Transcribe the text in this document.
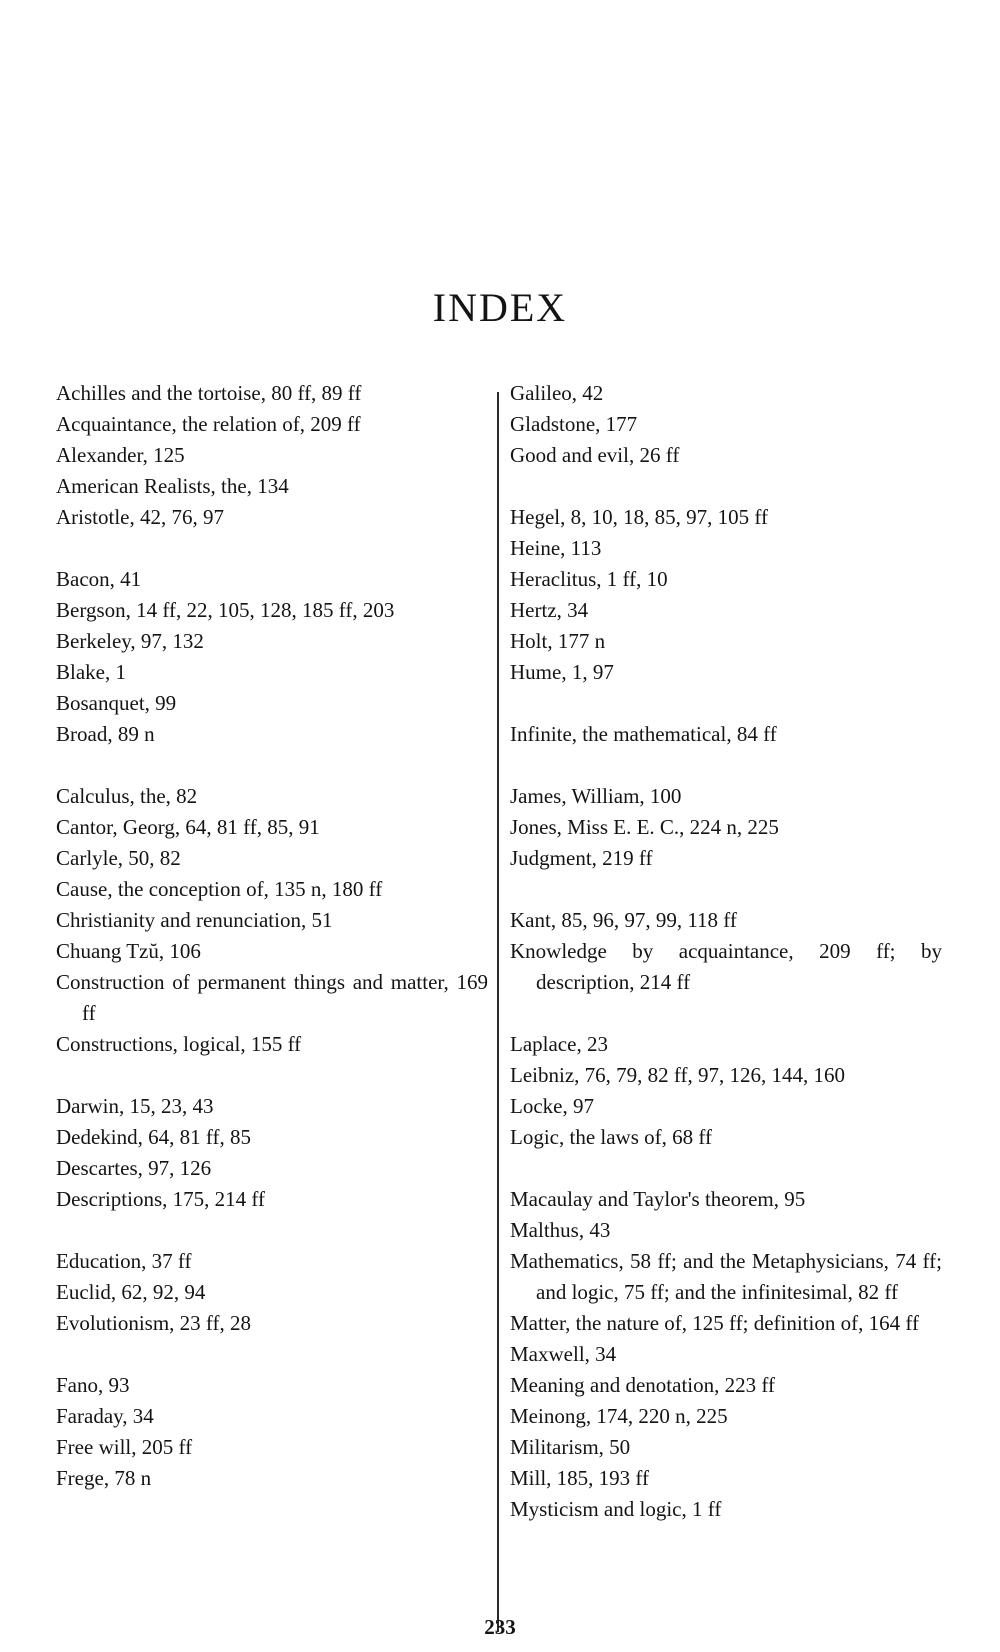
INDEX
Achilles and the tortoise, 80 ff, 89 ff
Acquaintance, the relation of, 209 ff
Alexander, 125
American Realists, the, 134
Aristotle, 42, 76, 97
Bacon, 41
Bergson, 14 ff, 22, 105, 128, 185 ff, 203
Berkeley, 97, 132
Blake, 1
Bosanquet, 99
Broad, 89 n
Calculus, the, 82
Cantor, Georg, 64, 81 ff, 85, 91
Carlyle, 50, 82
Cause, the conception of, 135 n, 180 ff
Christianity and renunciation, 51
Chuang Tzŭ, 106
Construction of permanent things and matter, 169 ff
Constructions, logical, 155 ff
Darwin, 15, 23, 43
Dedekind, 64, 81 ff, 85
Descartes, 97, 126
Descriptions, 175, 214 ff
Education, 37 ff
Euclid, 62, 92, 94
Evolutionism, 23 ff, 28
Fano, 93
Faraday, 34
Free will, 205 ff
Frege, 78 n
Galileo, 42
Gladstone, 177
Good and evil, 26 ff
Hegel, 8, 10, 18, 85, 97, 105 ff
Heine, 113
Heraclitus, 1 ff, 10
Hertz, 34
Holt, 177 n
Hume, 1, 97
Infinite, the mathematical, 84 ff
James, William, 100
Jones, Miss E. E. C., 224 n, 225
Judgment, 219 ff
Kant, 85, 96, 97, 99, 118 ff
Knowledge by acquaintance, 209 ff; by description, 214 ff
Laplace, 23
Leibniz, 76, 79, 82 ff, 97, 126, 144, 160
Locke, 97
Logic, the laws of, 68 ff
Macaulay and Taylor's theorem, 95
Malthus, 43
Mathematics, 58 ff; and the Metaphysicians, 74 ff; and logic, 75 ff; and the infinitesimal, 82 ff
Matter, the nature of, 125 ff; definition of, 164 ff
Maxwell, 34
Meaning and denotation, 223 ff
Meinong, 174, 220 n, 225
Militarism, 50
Mill, 185, 193 ff
Mysticism and logic, 1 ff
233
